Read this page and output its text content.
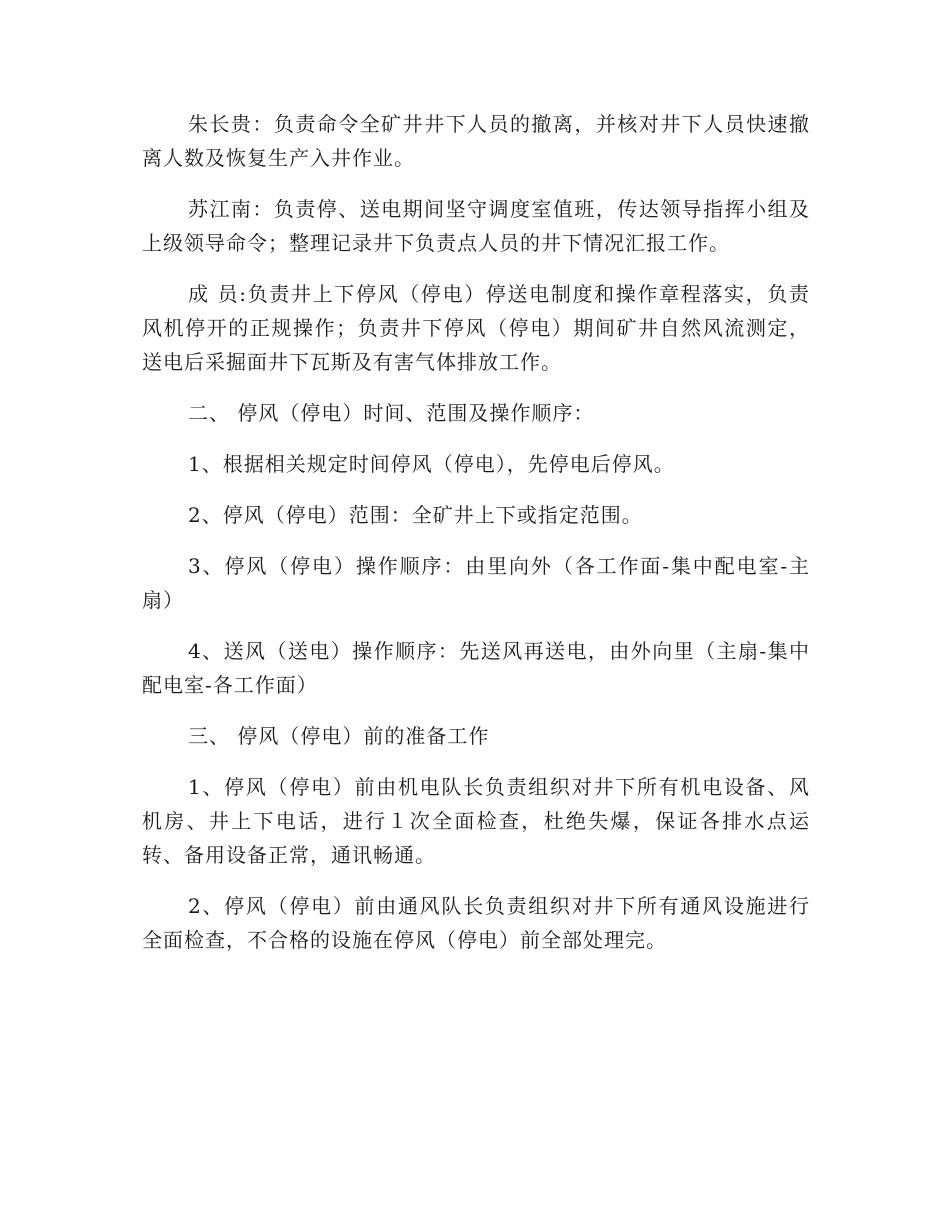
朱长贵：负责命令全矿井井下人员的撤离，并核对井下人员快速撤离人数及恢复生产入井作业。

苏江南：负责停、送电期间坚守调度室值班，传达领导指挥小组及上级领导命令；整理记录井下负责点人员的井下情况汇报工作。

成 员:负责井上下停风（停电）停送电制度和操作章程落实，负责风机停开的正规操作；负责井下停风（停电）期间矿井自然风流测定，送电后采掘面井下瓦斯及有害气体排放工作。

二、 停风（停电）时间、范围及操作顺序：

1、根据相关规定时间停风（停电），先停电后停风。

2、停风（停电）范围：全矿井上下或指定范围。

3、停风（停电）操作顺序：由里向外（各工作面-集中配电室-主扇）

4、送风（送电）操作顺序：先送风再送电，由外向里（主扇-集中配电室-各工作面）

三、 停风（停电）前的准备工作

1、停风（停电）前由机电队长负责组织对井下所有机电设备、风机房、井上下电话，进行１次全面检查，杜绝失爆，保证各排水点运转、备用设备正常，通讯畅通。

2、停风（停电）前由通风队长负责组织对井下所有通风设施进行全面检查，不合格的设施在停风（停电）前全部处理完。
